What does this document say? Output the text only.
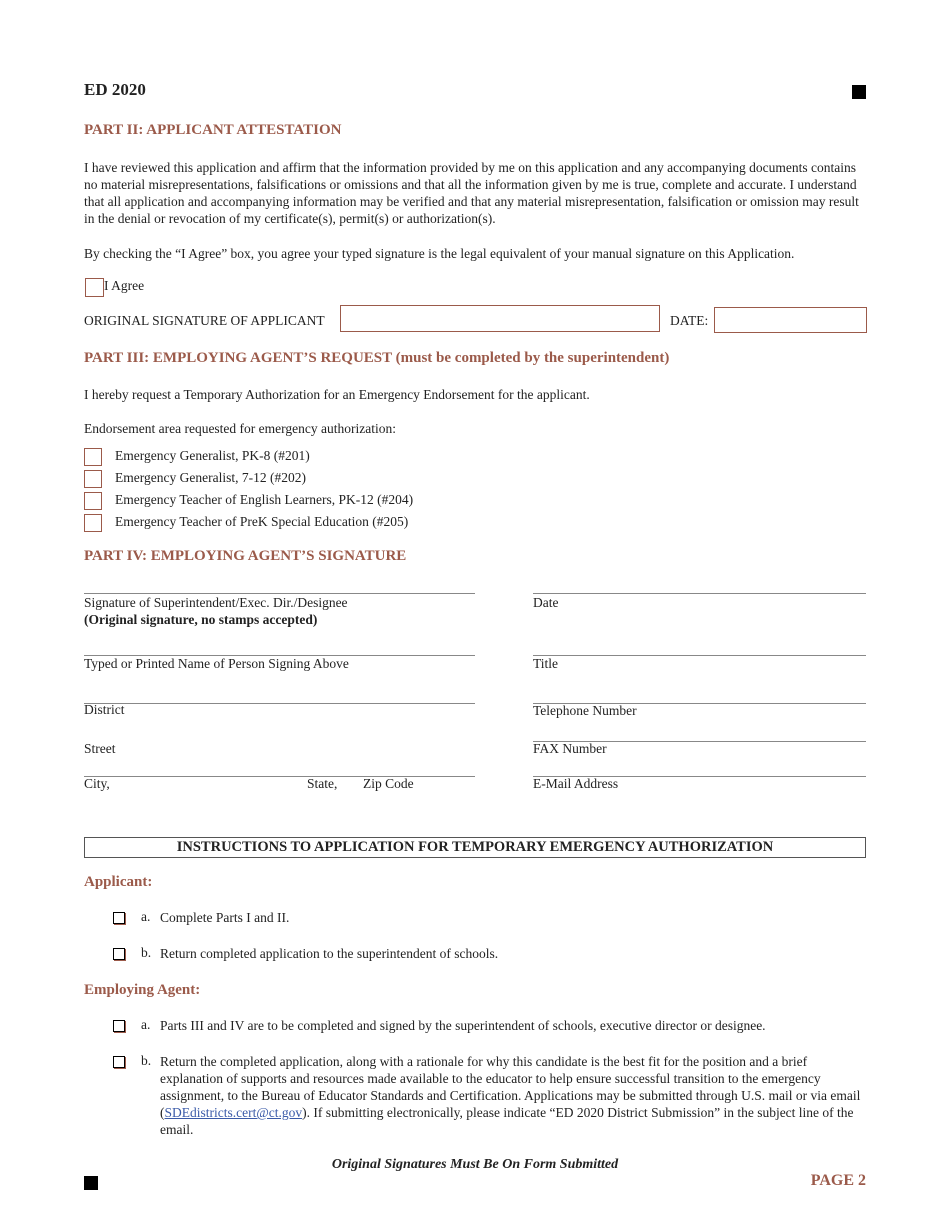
ED 2020
PART II: APPLICANT ATTESTATION
I have reviewed this application and affirm that the information provided by me on this application and any accompanying documents contains no material misrepresentations, falsifications or omissions and that all the information given by me is true, complete and accurate. I understand that all application and accompanying information may be verified and that any material misrepresentation, falsification or omission may result in the denial or revocation of my certificate(s), permit(s) or authorization(s).
By checking the “I Agree” box, you agree your typed signature is the legal equivalent of your manual signature on this Application.
I Agree
ORIGINAL SIGNATURE OF APPLICANT	DATE:
PART III: EMPLOYING AGENT’S REQUEST (must be completed by the superintendent)
I hereby request a Temporary Authorization for an Emergency Endorsement for the applicant.
Endorsement area requested for emergency authorization:
Emergency Generalist, PK-8 (#201)
Emergency Generalist, 7-12 (#202)
Emergency Teacher of English Learners, PK-12 (#204)
Emergency Teacher of PreK Special Education (#205)
PART IV: EMPLOYING AGENT’S SIGNATURE
Signature of Superintendent/Exec. Dir./Designee
(Original signature, no stamps accepted)
Date
Typed or Printed Name of Person Signing Above	Title
District	Telephone Number
Street	FAX Number
City,	State, Zip Code	E-Mail Address
INSTRUCTIONS TO APPLICATION FOR TEMPORARY EMERGENCY AUTHORIZATION
Applicant:
a. Complete Parts I and II.
b. Return completed application to the superintendent of schools.
Employing Agent:
a. Parts III and IV are to be completed and signed by the superintendent of schools, executive director or designee.
b. Return the completed application, along with a rationale for why this candidate is the best fit for the position and a brief explanation of supports and resources made available to the educator to help ensure successful transition to the emergency assignment, to the Bureau of Educator Standards and Certification. Applications may be submitted through U.S. mail or via email (SDEdistricts.cert@ct.gov). If submitting electronically, please indicate “ED 2020 District Submission” in the subject line of the email.
Original Signatures Must Be On Form Submitted
PAGE 2
